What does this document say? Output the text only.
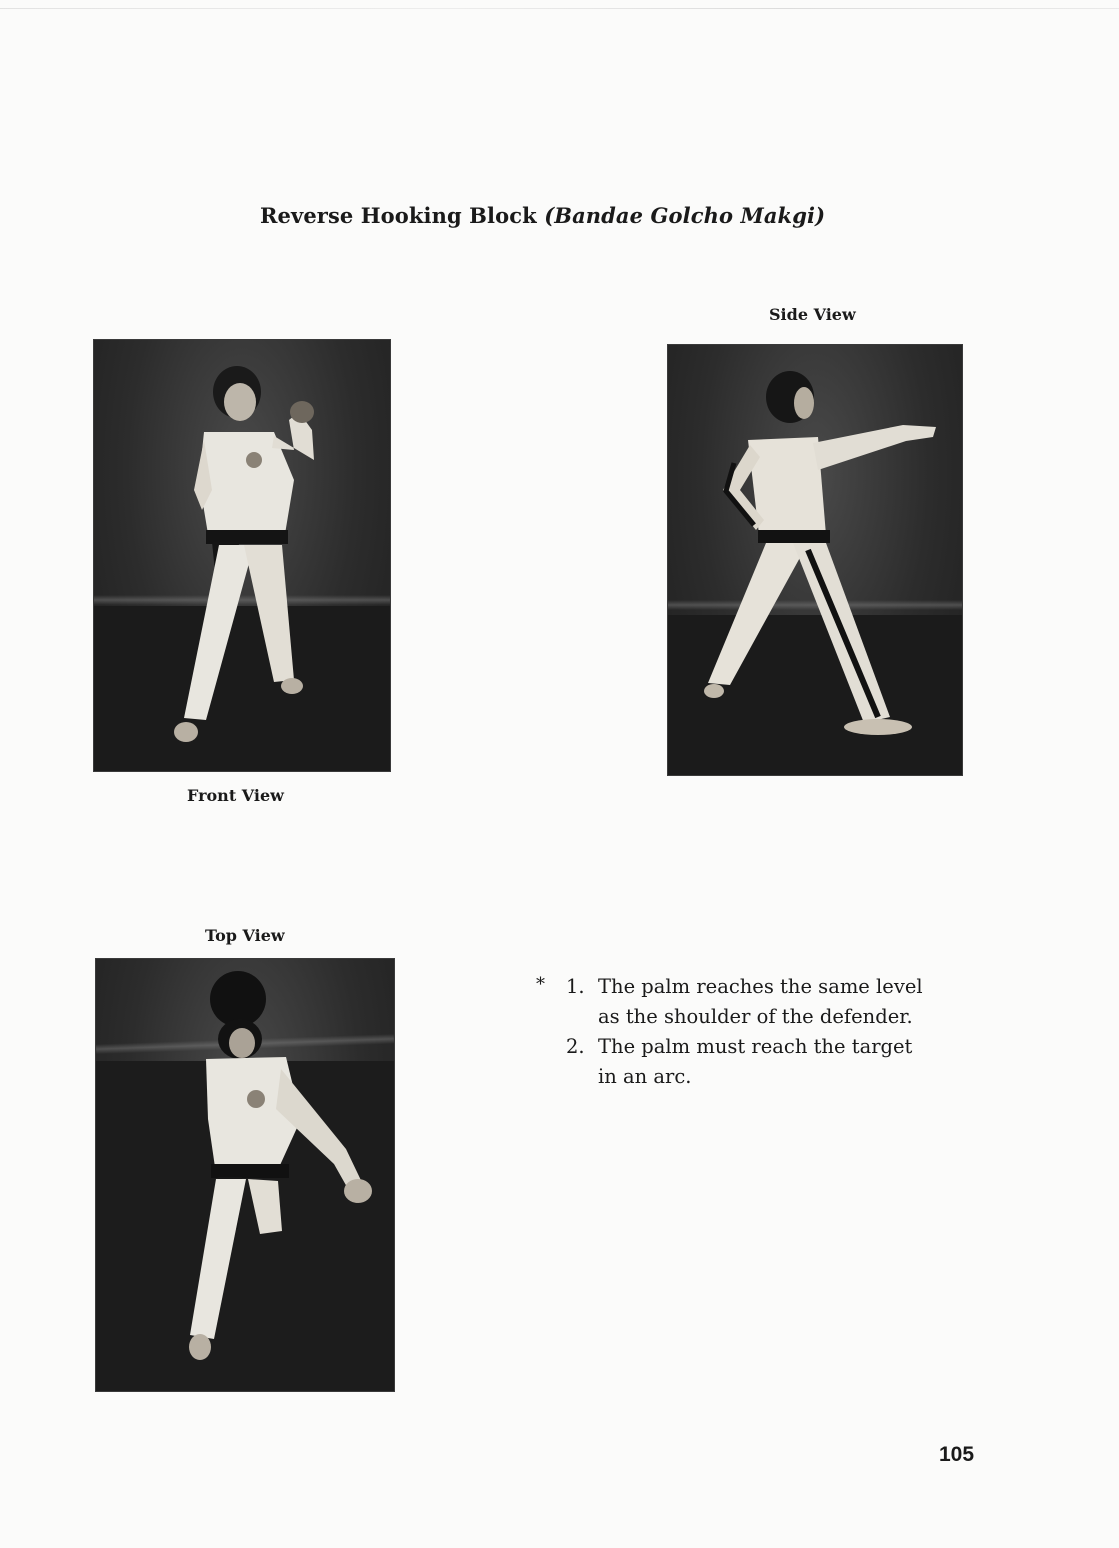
Reverse Hooking Block (Bandae Golcho Makgi)
Front View
Side View
Top View
* 1. The palm reaches the same level
as the shoulder of the defender.
2. The palm must reach the target
in an arc.
105
